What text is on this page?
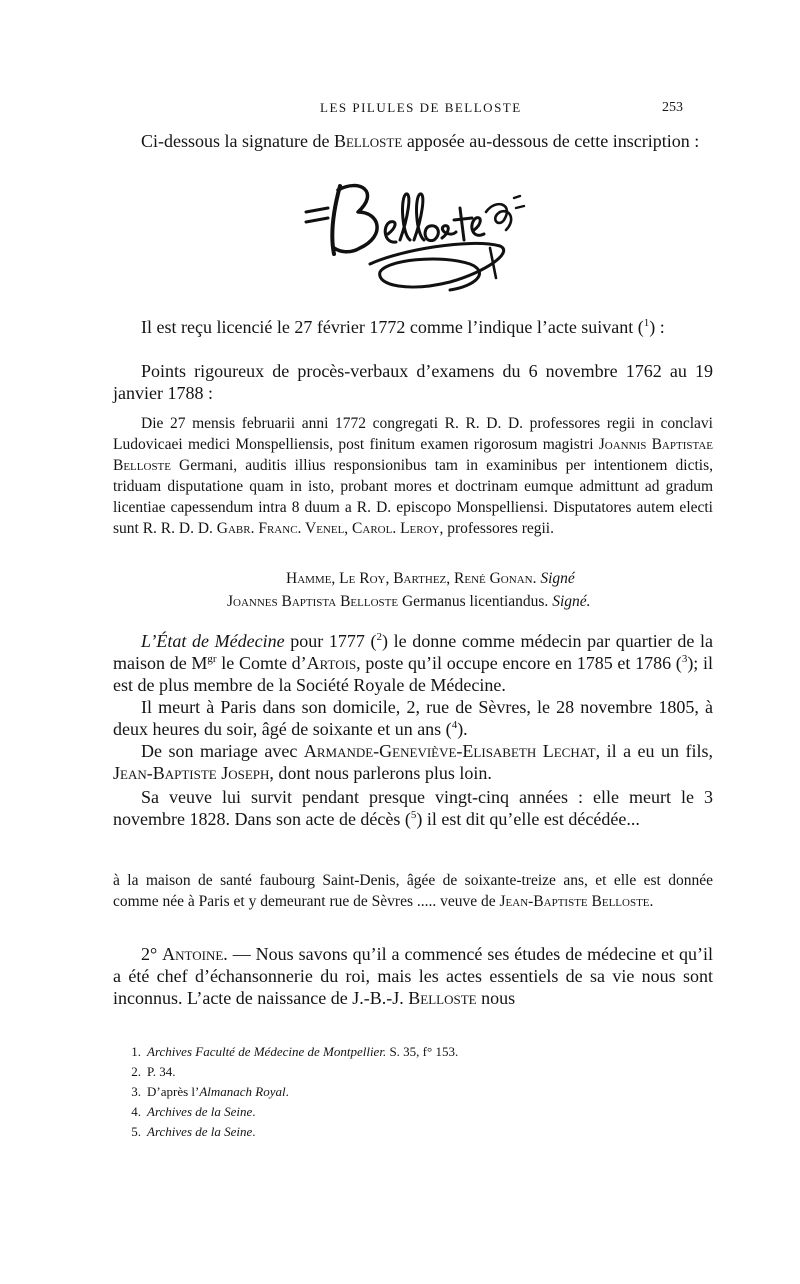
LES PILULES DE BELLOSTE	253

Ci-dessous la signature de Belloste apposée au-dessous de cette inscription :

Il est reçu licencié le 27 février 1772 comme l’indique l’acte suivant ($^1$) :

Points rigoureux de procès-verbaux d’examens du 6 novembre 1762 au 19 janvier 1788 :

Die 27 mensis februarii anni 1772 congregati R. R. D. D. professores regii in conclavi Ludovicaei medici Monspelliensis, post finitum examen rigorosum magistri Joannis Baptistae Belloste Germani, auditis illius responsionibus tam in examinibus per intentionem dictis, triduam disputatione quam in isto, probant mores et doctrinam eumque admittunt ad gradum licentiae capessendum intra 8 duum a R. D. episcopo Monspelliensi. Disputatores autem electi sunt R. R. D. D. Gabr. Franc. Venel, Carol. Leroy, professores regii.

Hamme, Le Roy, Barthez, René Gonan. Signé
Joannes Baptista Belloste Germanus licentiandus. Signé.

L’État de Médecine pour 1777 ($^2$) le donne comme médecin par quartier de la maison de $M^{gr}$ le Comte d’Artois, poste qu’il occupe encore en 1785 et 1786 ($^3$); il est de plus membre de la Société Royale de Médecine.

Il meurt à Paris dans son domicile, 2, rue de Sèvres, le 28 novembre 1805, à deux heures du soir, âgé de soixante et un ans ($^4$).

De son mariage avec Armande-Geneviève-Elisabeth Lechat, il a eu un fils, Jean-Baptiste Joseph, dont nous parlerons plus loin.

Sa veuve lui survit pendant presque vingt-cinq années : elle meurt le 3 novembre 1828. Dans son acte de décès ($^5$) il est dit qu’elle est décédée...

à la maison de santé faubourg Saint-Denis, âgée de soixante-treize ans, et elle est donnée comme née à Paris et y demeurant rue de Sèvres ..... veuve de Jean-Baptiste Belloste.

2° Antoine. — Nous savons qu’il a commencé ses études de médecine et qu’il a été chef d’échansonnerie du roi, mais les actes essentiels de sa vie nous sont inconnus. L’acte de naissance de J.-B.-J. Belloste nous

1. Archives Faculté de Médecine de Montpellier. S. 35, f° 153.
2. P. 34.
3. D’après l’Almanach Royal.
4. Archives de la Seine.
5. Archives de la Seine.
